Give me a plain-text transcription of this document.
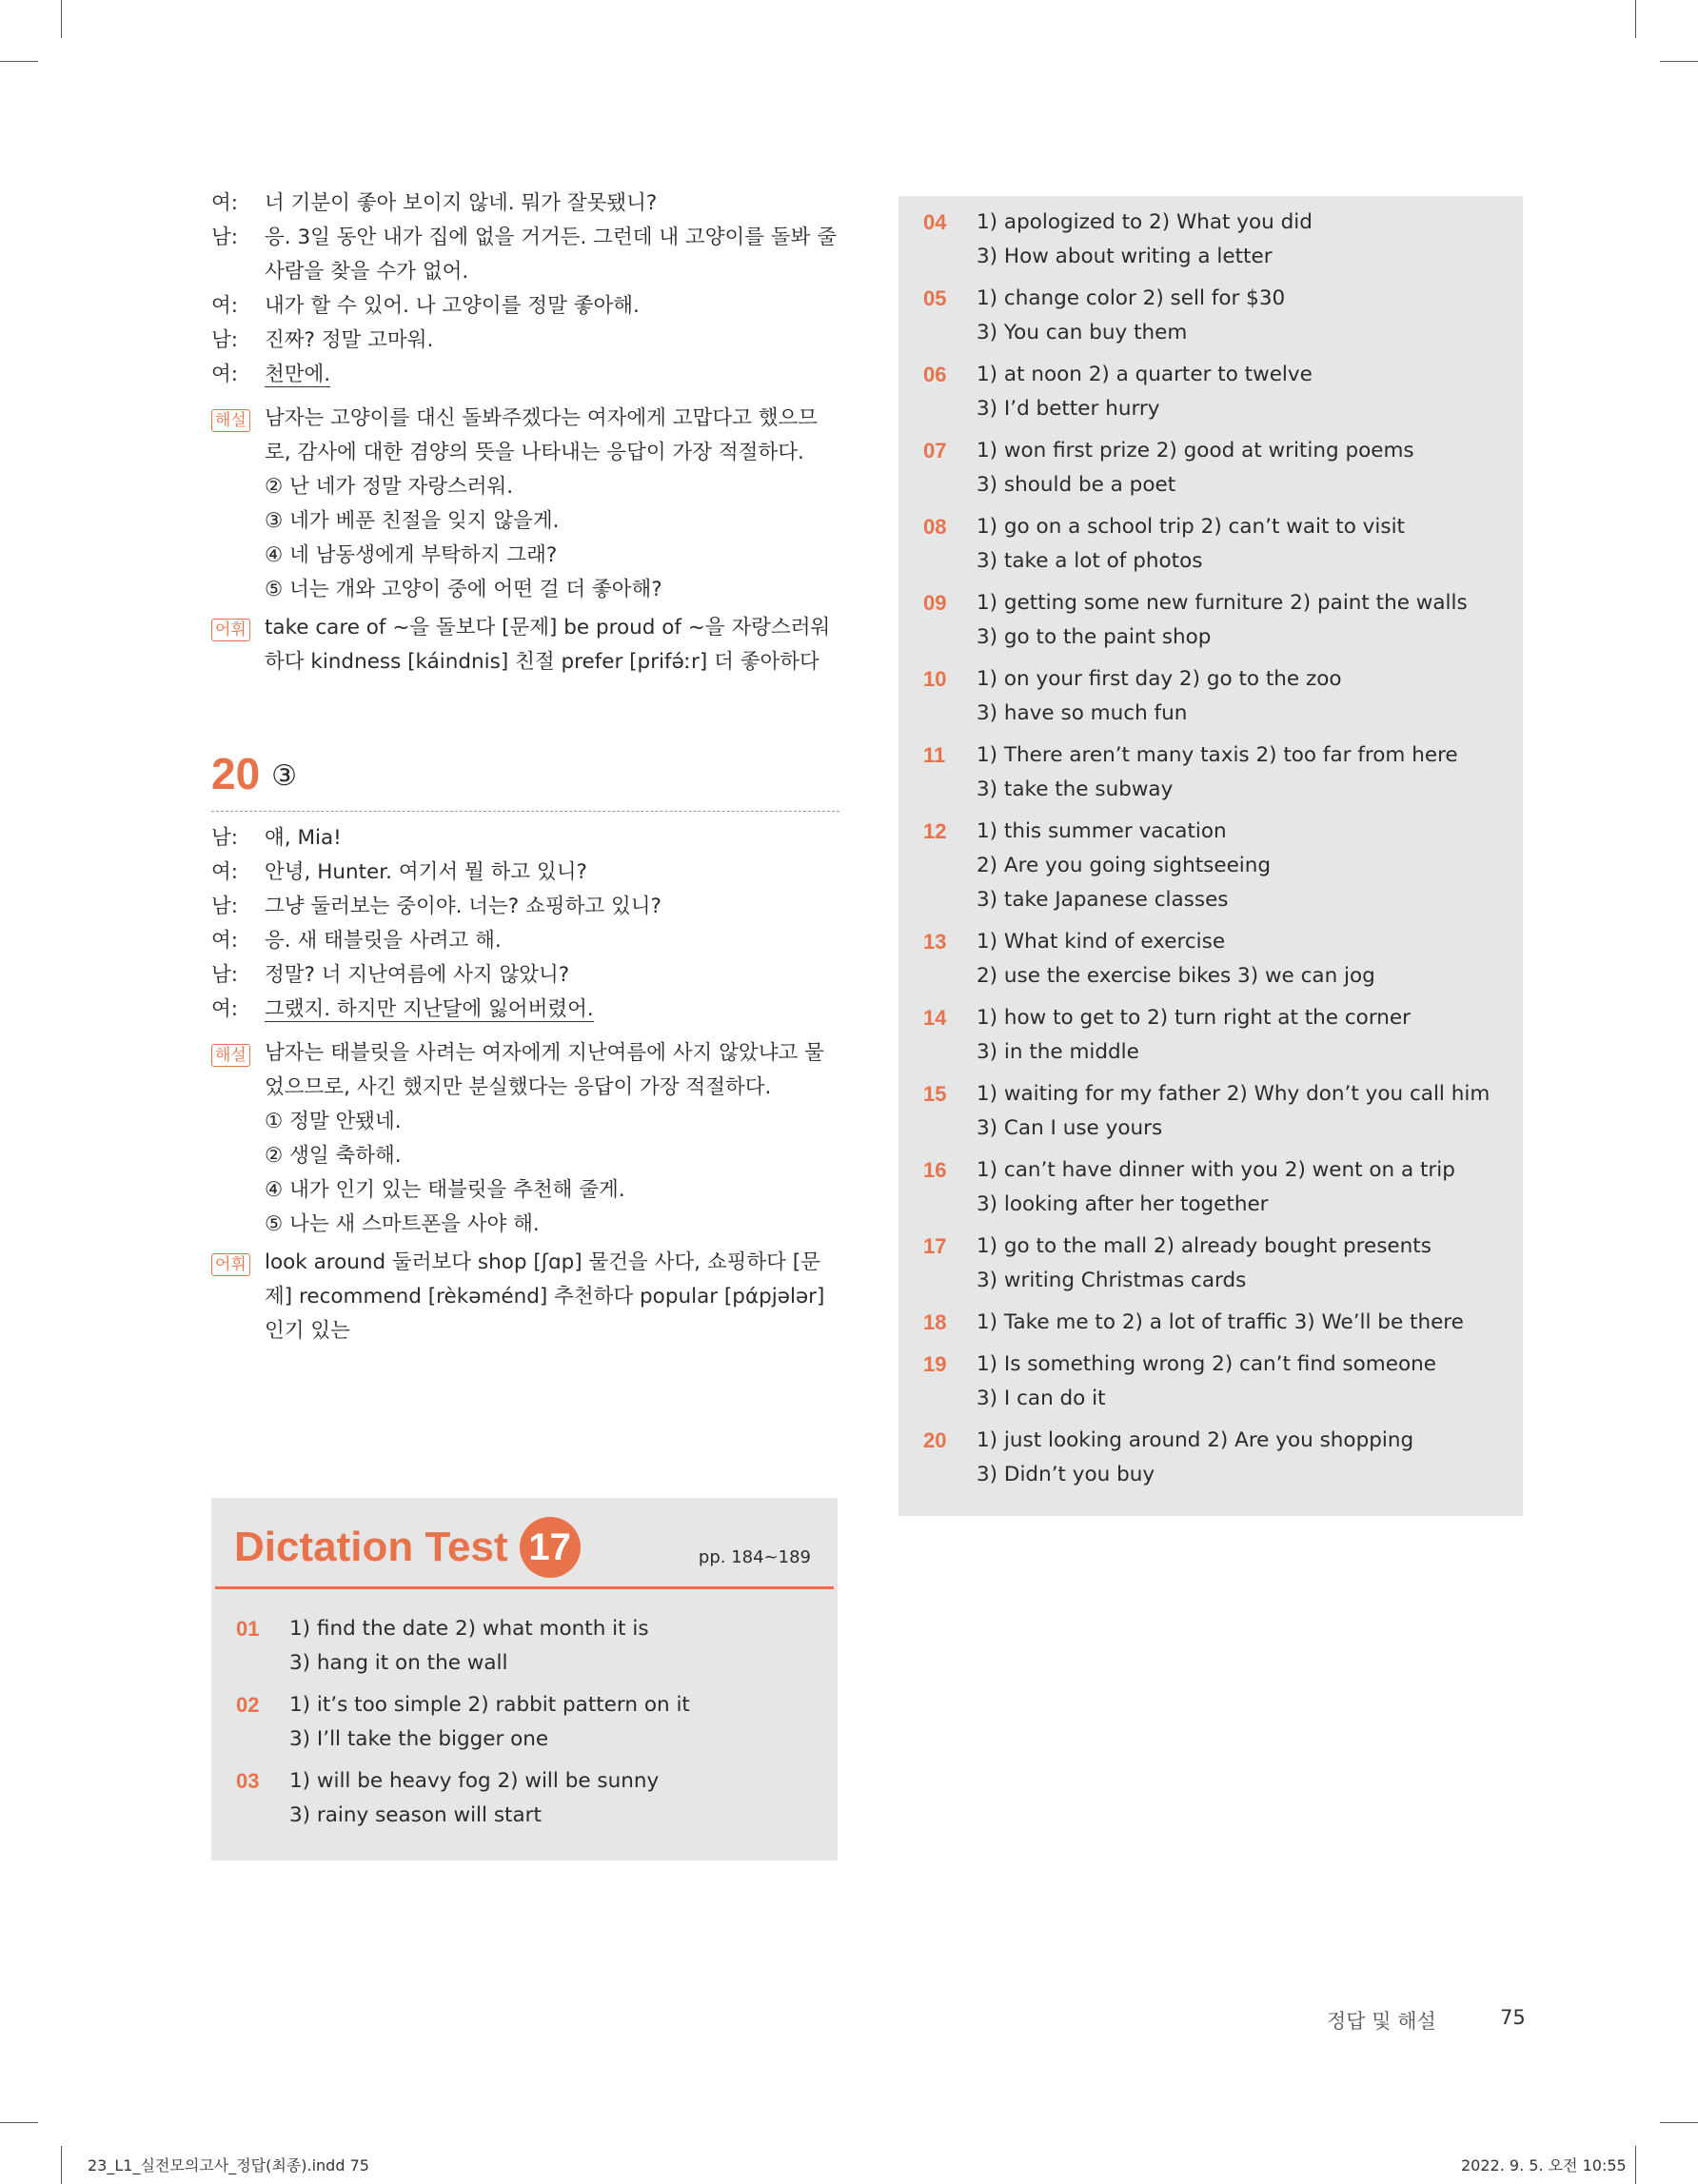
여:	너 기분이 좋아 보이지 않네. 뭐가 잘못됐니?
남:	응. 3일 동안 내가 집에 없을 거거든. 그런데 내 고양이를 돌봐 줄 사람을 찾을 수가 없어.
여:	내가 할 수 있어. 나 고양이를 정말 좋아해.
남:	진짜? 정말 고마워.
여:	천만에.
해설 남자는 고양이를 대신 돌봐주겠다는 여자에게 고맙다고 했으므로, 감사에 대한 겸양의 뜻을 나타내는 응답이 가장 적절하다.
② 난 네가 정말 자랑스러워.
③ 네가 베푼 친절을 잊지 않을게.
④ 네 남동생에게 부탁하지 그래?
⑤ 너는 개와 고양이 중에 어떤 걸 더 좋아해?
어휘 take care of ~을 돌보다 [문제] be proud of ~을 자랑스러워하다 kindness [káindnis] 친절 prefer [prifə́ːr] 더 좋아하다
20 ③
남:	얘, Mia!
여:	안녕, Hunter. 여기서 뭘 하고 있니?
남:	그냥 둘러보는 중이야. 너는? 쇼핑하고 있니?
여:	응. 새 태블릿을 사려고 해.
남:	정말? 너 지난여름에 사지 않았니?
여:	그랬지. 하지만 지난달에 잃어버렸어.
해설 남자는 태블릿을 사려는 여자에게 지난여름에 사지 않았냐고 물었으므로, 사긴 했지만 분실했다는 응답이 가장 적절하다.
① 정말 안됐네.
② 생일 축하해.
④ 내가 인기 있는 태블릿을 추천해 줄게.
⑤ 나는 새 스마트폰을 사야 해.
어휘 look around 둘러보다 shop [ʃɑp] 물건을 사다, 쇼핑하다 [문제] recommend [rèkəménd] 추천하다 popular [pάpjələr] 인기 있는
Dictation Test 17	pp. 184~189
01	1) find the date 2) what month it is
3) hang it on the wall
02	1) it’s too simple 2) rabbit pattern on it
3) I’ll take the bigger one
03	1) will be heavy fog 2) will be sunny
3) rainy season will start
04	1) apologized to 2) What you did
3) How about writing a letter
05	1) change color 2) sell for $30
3) You can buy them
06	1) at noon 2) a quarter to twelve
3) I’d better hurry
07	1) won first prize 2) good at writing poems
3) should be a poet
08	1) go on a school trip 2) can’t wait to visit
3) take a lot of photos
09	1) getting some new furniture 2) paint the walls
3) go to the paint shop
10	1) on your first day 2) go to the zoo
3) have so much fun
11	1) There aren’t many taxis 2) too far from here
3) take the subway
12	1) this summer vacation
2) Are you going sightseeing
3) take Japanese classes
13	1) What kind of exercise
2) use the exercise bikes 3) we can jog
14	1) how to get to 2) turn right at the corner
3) in the middle
15	1) waiting for my father 2) Why don’t you call him
3) Can I use yours
16	1) can’t have dinner with you 2) went on a trip
3) looking after her together
17	1) go to the mall 2) already bought presents
3) writing Christmas cards
18	1) Take me to 2) a lot of traffic 3) We’ll be there
19	1) Is something wrong 2) can’t find someone
3) I can do it
20	1) just looking around 2) Are you shopping
3) Didn’t you buy
정답 및 해설	75
23_L1_실전모의고사_정답(최종).indd 75	2022. 9. 5. 오전 10:55
